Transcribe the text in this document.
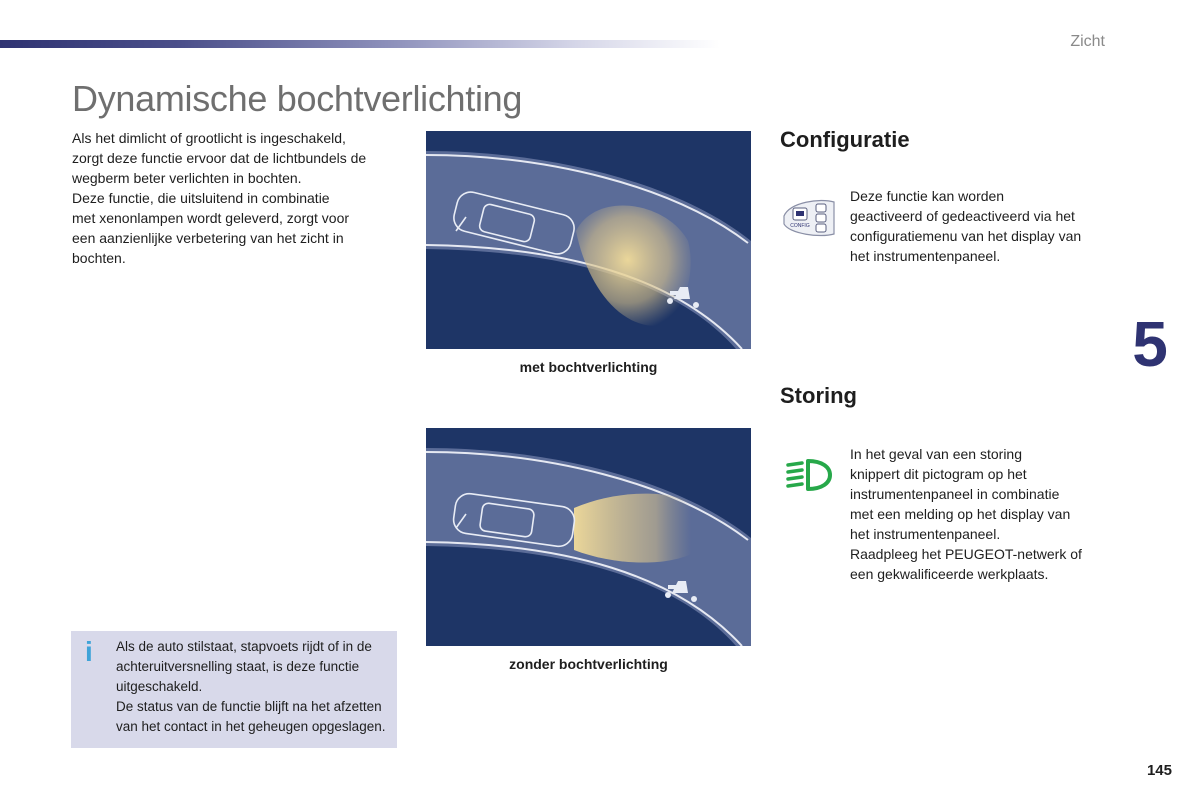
Zicht
Dynamische bochtverlichting
Als het dimlicht of grootlicht is ingeschakeld,
zorgt deze functie ervoor dat de lichtbundels de
wegberm beter verlichten in bochten.
Deze functie, die uitsluitend in combinatie
met xenonlampen wordt geleverd, zorgt voor
een aanzienlijke verbetering van het zicht in
bochten.
met bochtverlichting
zonder bochtverlichting
Configuratie
CONFIG
Deze functie kan worden
geactiveerd of gedeactiveerd via het
configuratiemenu van het display van
het instrumentenpaneel.
5
Storing
In het geval van een storing
knippert dit pictogram op het
instrumentenpaneel in combinatie
met een melding op het display van
het instrumentenpaneel.
Raadpleeg het PEUGEOT-netwerk of
een gekwalificeerde werkplaats.
i	Als de auto stilstaat, stapvoets rijdt of in de
achteruitversnelling staat, is deze functie
uitgeschakeld.
De status van de functie blijft na het afzetten
van het contact in het geheugen opgeslagen.
145
